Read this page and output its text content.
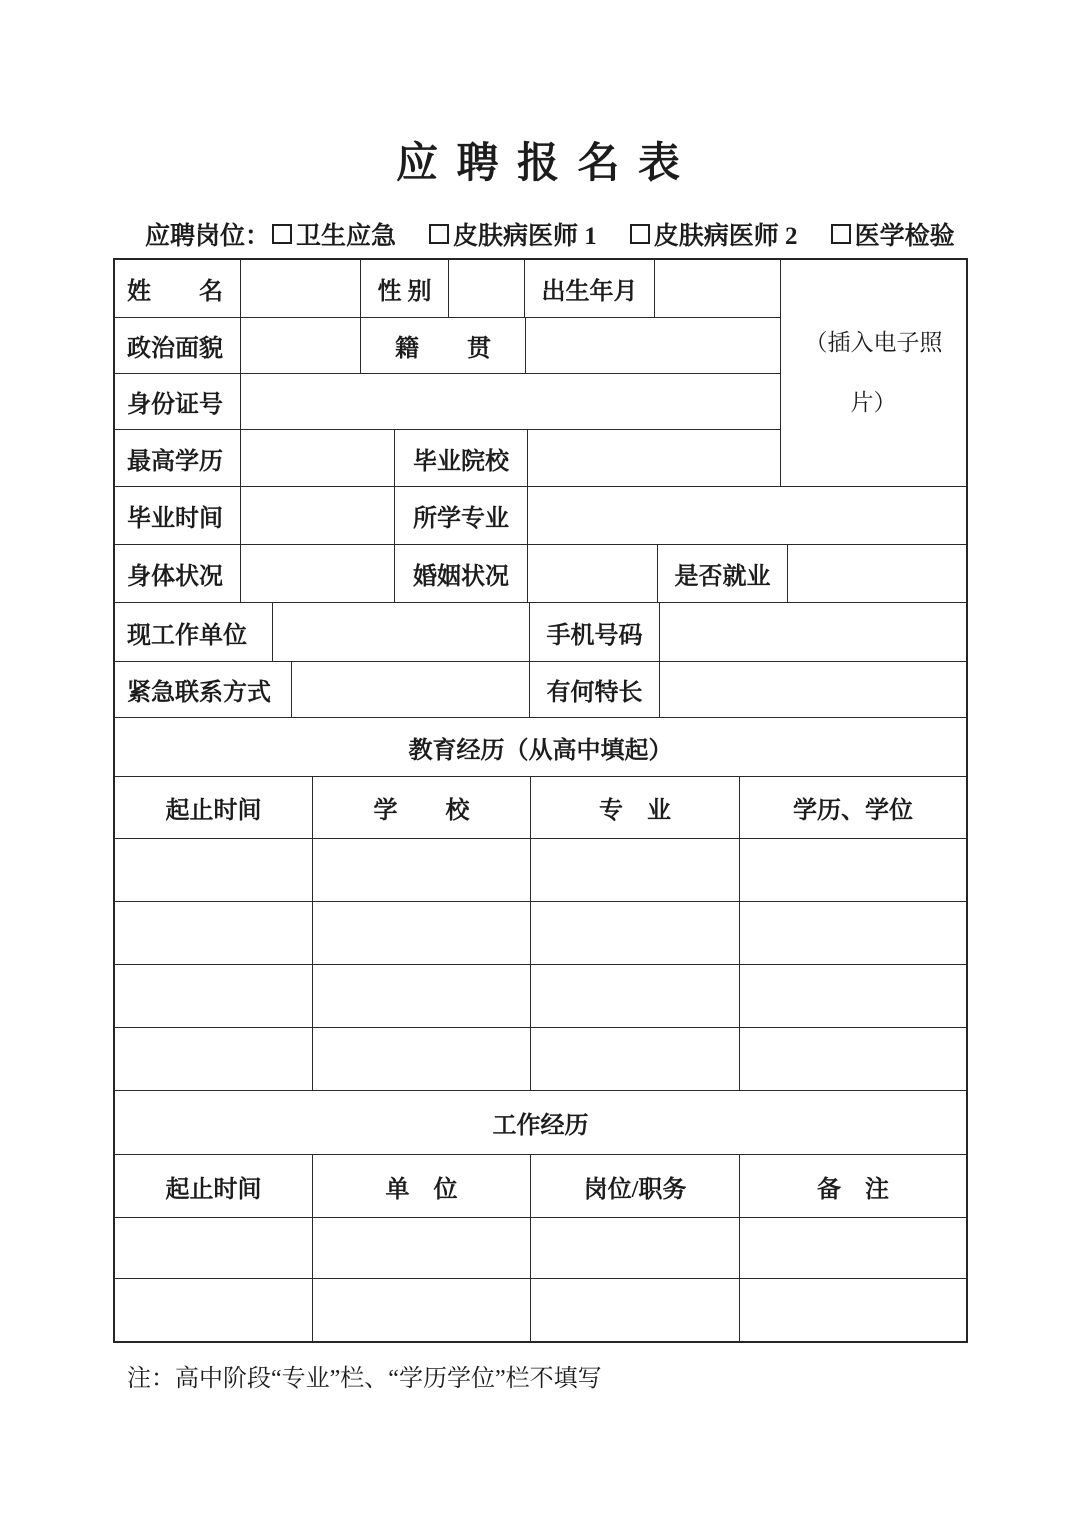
应 聘 报 名 表
应聘岗位： 卫生应急 皮肤病医师 1 皮肤病医师 2 医学检验
姓　　名	性 别	出生年月
政治面貌	籍　　贯
身份证号
最高学历	毕业院校
（插入电子照
片）
毕业时间	所学专业
身体状况	婚姻状况	是否就业
现工作单位	手机号码
紧急联系方式	有何特长
教育经历（从高中填起）
起止时间	学　　校	专　业	学历、学位
工作经历
起止时间	单　位	岗位/职务	备　注
注：高中阶段“专业”栏、“学历学位”栏不填写
